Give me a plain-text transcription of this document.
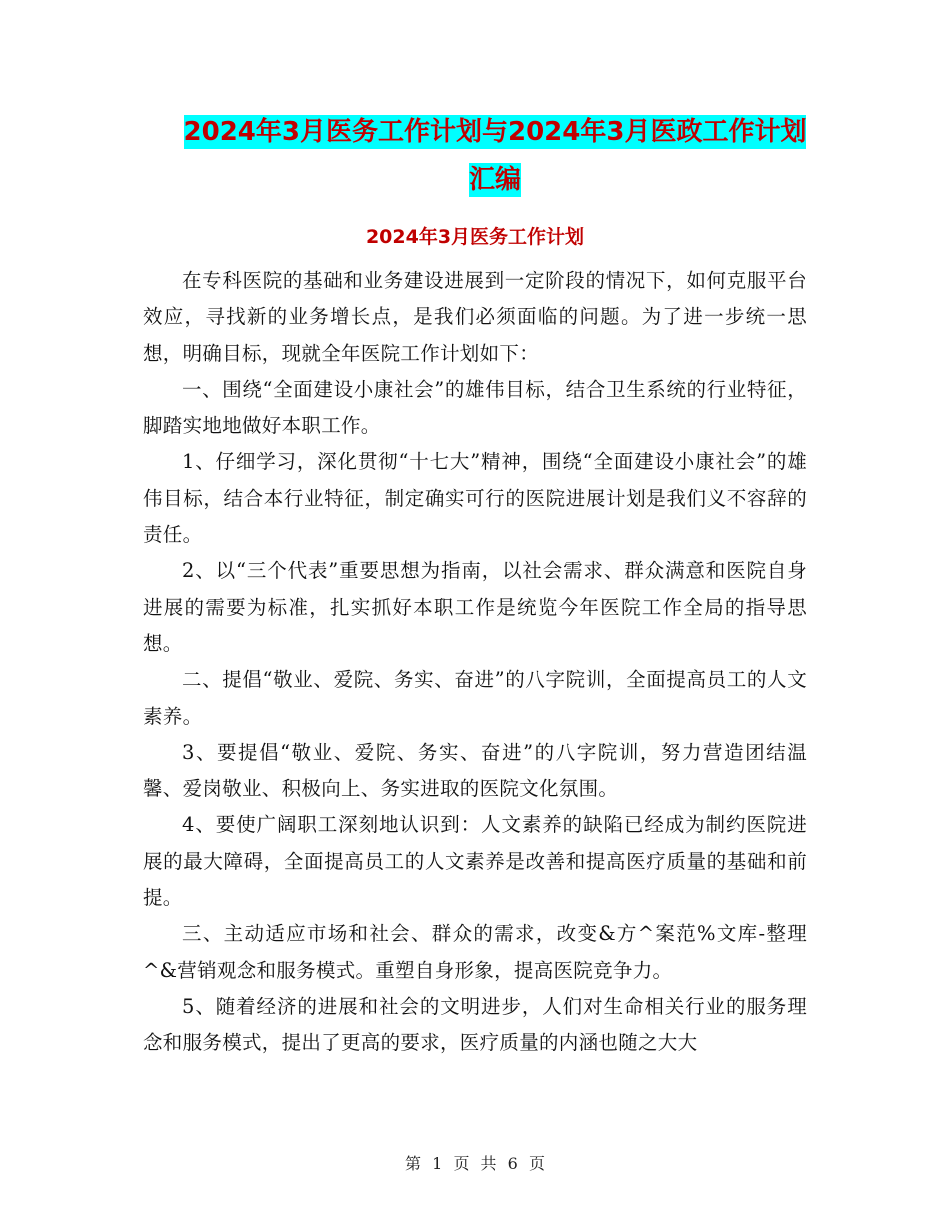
2024年3月医务工作计划与2024年3月医政工作计划
汇编
2024年3月医务工作计划

在专科医院的基础和业务建设进展到一定阶段的情况下，如何克服平台效应，寻找新的业务增长点，是我们必须面临的问题。为了进一步统一思想，明确目标，现就全年医院工作计划如下：

一、围绕“全面建设小康社会”的雄伟目标，结合卫生系统的行业特征，脚踏实地地做好本职工作。

1、仔细学习，深化贯彻“十七大”精神，围绕“全面建设小康社会”的雄伟目标，结合本行业特征，制定确实可行的医院进展计划是我们义不容辞的责任。

2、以“三个代表”重要思想为指南，以社会需求、群众满意和医院自身进展的需要为标准，扎实抓好本职工作是统览今年医院工作全局的指导思想。

二、提倡“敬业、爱院、务实、奋进”的八字院训，全面提高员工的人文素养。

3、要提倡“敬业、爱院、务实、奋进”的八字院训，努力营造团结温馨、爱岗敬业、积极向上、务实进取的医院文化氛围。

4、要使广阔职工深刻地认识到：人文素养的缺陷已经成为制约医院进展的最大障碍，全面提高员工的人文素养是改善和提高医疗质量的基础和前提。

三、主动适应市场和社会、群众的需求，改变&方^案范%文库-整理^&营销观念和服务模式。重塑自身形象，提高医院竞争力。

5、随着经济的进展和社会的文明进步，人们对生命相关行业的服务理念和服务模式，提出了更高的要求，医疗质量的内涵也随之大大

第 1 页 共 6 页
